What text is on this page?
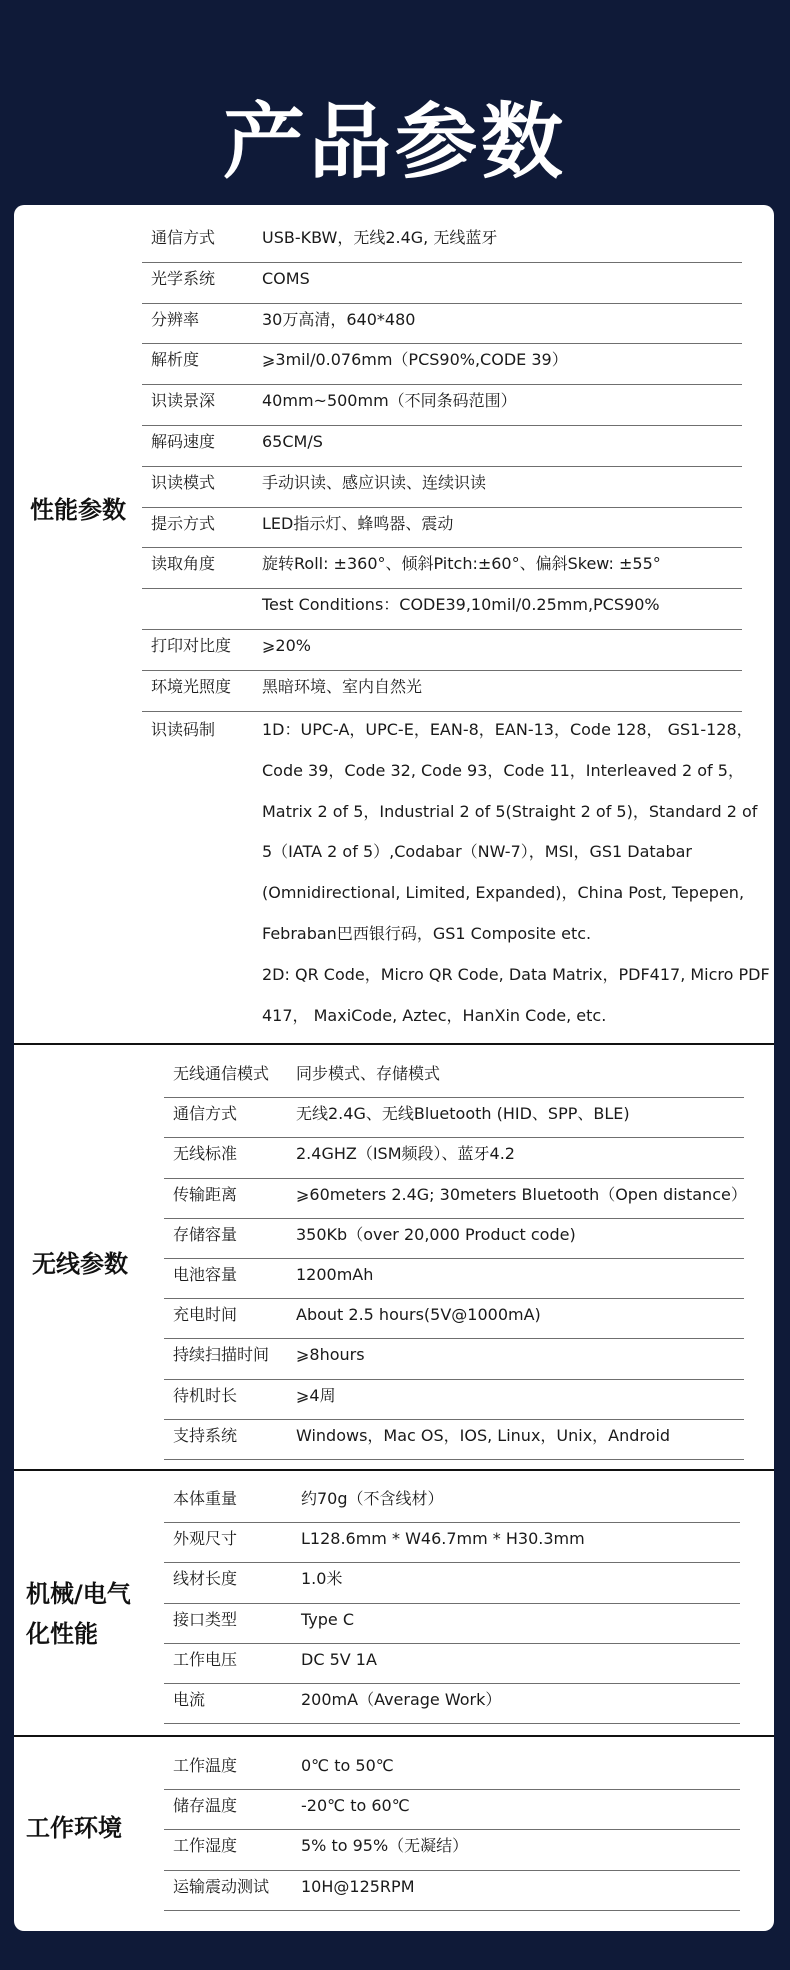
产品参数
性能参数
通信方式	USB-KBW，无线2.4G, 无线蓝牙
光学系统	COMS
分辨率	30万高清，640*480
解析度	⩾3mil/0.076mm（PCS90%,CODE 39）
识读景深	40mm~500mm（不同条码范围）
解码速度	65CM/S
识读模式	手动识读、感应识读、连续识读
提示方式	LED指示灯、蜂鸣器、震动
读取角度	旋转Roll: ±360°、倾斜Pitch:±60°、偏斜Skew: ±55°
Test Conditions：CODE39,10mil/0.25mm,PCS90%
打印对比度 ⩾20%
环境光照度 黑暗环境、室内自然光
识读码制	1D：UPC-A，UPC-E，EAN-8，EAN-13，Code 128， GS1-128，
Code 39，Code 32, Code 93，Code 11，Interleaved 2 of 5，
Matrix 2 of 5，Industrial 2 of 5(Straight 2 of 5)，Standard 2 of
5（IATA 2 of 5）,Codabar（NW-7），MSI，GS1 Databar
(Omnidirectional, Limited, Expanded)，China Post, Tepepen,
Febraban巴西银行码，GS1 Composite etc.
2D: QR Code，Micro QR Code, Data Matrix，PDF417, Micro PDF
417， MaxiCode, Aztec，HanXin Code, etc.
无线参数
无线通信模式 同步模式、存储模式
通信方式	无线2.4G、无线Bluetooth (HID、SPP、BLE)
无线标准	2.4GHZ（ISM频段）、蓝牙4.2
传输距离	⩾60meters 2.4G; 30meters Bluetooth（Open distance）
存储容量	350Kb（over 20,000 Product code)
电池容量	1200mAh
充电时间	About 2.5 hours(5V@1000mA)
持续扫描时间 ⩾8hours
待机时长	⩾4周
支持系统	Windows，Mac OS，IOS, Linux，Unix，Android
机械/电气
化性能
本体重量	约70g（不含线材）
外观尺寸	L128.6mm * W46.7mm * H30.3mm
线材长度	1.0米
接口类型	Type C
工作电压	DC 5V 1A
电流	200mA（Average Work）
工作环境
工作温度	0℃ to 50℃
储存温度	-20℃ to 60℃
工作湿度	5% to 95%（无凝结）
运输震动测试 10H@125RPM
